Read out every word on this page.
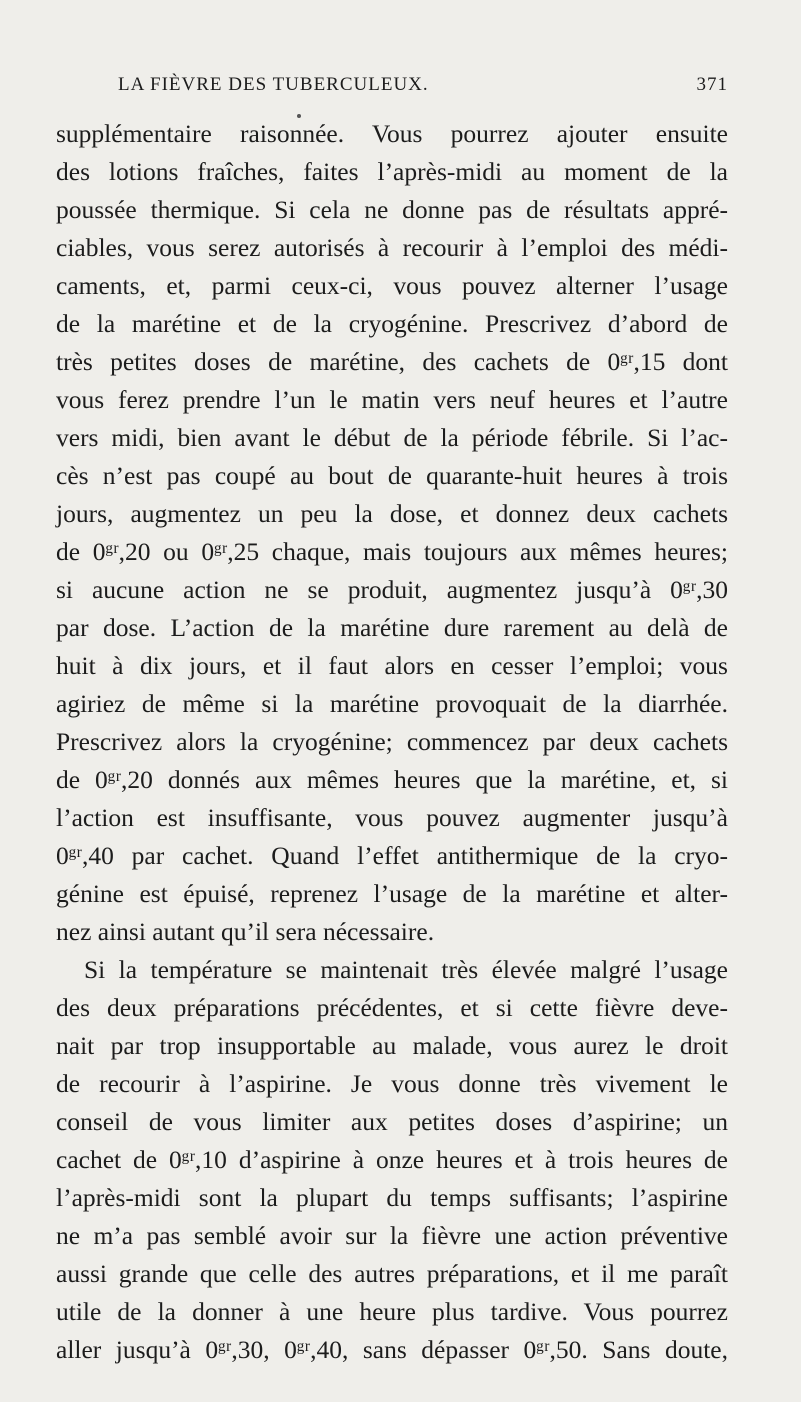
LA FIÈVRE DES TUBERCULEUX.	371
supplémentaire raisonnée. Vous pourrez ajouter ensuite
des lotions fraîches, faites l’après-midi au moment de la
poussée thermique. Si cela ne donne pas de résultats appré-
ciables, vous serez autorisés à recourir à l’emploi des médi-
caments, et, parmi ceux-ci, vous pouvez alterner l’usage
de la marétine et de la cryogénine. Prescrivez d’abord de
très petites doses de marétine, des cachets de 0ᵍʳ,15 dont
vous ferez prendre l’un le matin vers neuf heures et l’autre
vers midi, bien avant le début de la période fébrile. Si l’ac-
cès n’est pas coupé au bout de quarante-huit heures à trois
jours, augmentez un peu la dose, et donnez deux cachets
de 0ᵍʳ,20 ou 0ᵍʳ,25 chaque, mais toujours aux mêmes heures;
si aucune action ne se produit, augmentez jusqu’à 0ᵍʳ,30
par dose. L’action de la marétine dure rarement au delà de
huit à dix jours, et il faut alors en cesser l’emploi; vous
agiriez de même si la marétine provoquait de la diarrhée.
Prescrivez alors la cryogénine; commencez par deux cachets
de 0ᵍʳ,20 donnés aux mêmes heures que la marétine, et, si
l’action est insuffisante, vous pouvez augmenter jusqu’à
0ᵍʳ,40 par cachet. Quand l’effet antithermique de la cryo-
génine est épuisé, reprenez l’usage de la marétine et alter-
nez ainsi autant qu’il sera nécessaire.
Si la température se maintenait très élevée malgré l’usage
des deux préparations précédentes, et si cette fièvre deve-
nait par trop insupportable au malade, vous aurez le droit
de recourir à l’aspirine. Je vous donne très vivement le
conseil de vous limiter aux petites doses d’aspirine; un
cachet de 0ᵍʳ,10 d’aspirine à onze heures et à trois heures de
l’après-midi sont la plupart du temps suffisants; l’aspirine
ne m’a pas semblé avoir sur la fièvre une action préventive
aussi grande que celle des autres préparations, et il me paraît
utile de la donner à une heure plus tardive. Vous pourrez
aller jusqu’à 0ᵍʳ,30, 0ᵍʳ,40, sans dépasser 0ᵍʳ,50. Sans doute,
